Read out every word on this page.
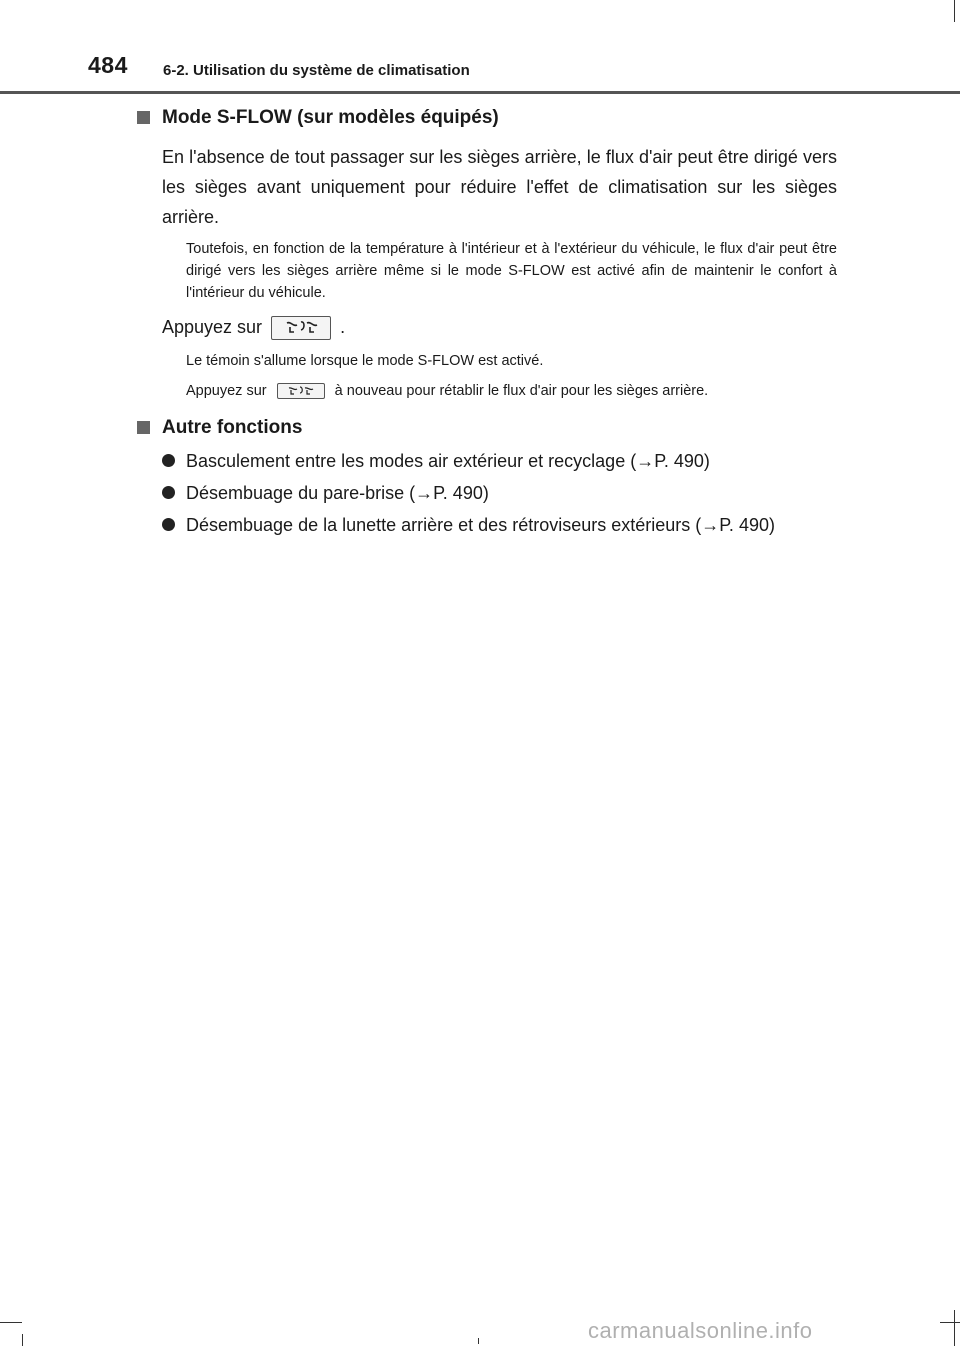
484 6-2. Utilisation du système de climatisation
Mode S-FLOW (sur modèles équipés)
En l'absence de tout passager sur les sièges arrière, le flux d'air peut être dirigé vers les sièges avant uniquement pour réduire l'effet de climatisation sur les sièges arrière.
Toutefois, en fonction de la température à l'intérieur et à l'extérieur du véhicule, le flux d'air peut être dirigé vers les sièges arrière même si le mode S-FLOW est activé afin de maintenir le confort à l'intérieur du véhicule.
Appuyez sur	.
Le témoin s'allume lorsque le mode S-FLOW est activé.
Appuyez sur	à nouveau pour rétablir le flux d'air pour les sièges arrière.
Autre fonctions
Basculement entre les modes air extérieur et recyclage (→P. 490)
Désembuage du pare-brise (→P. 490)
Désembuage de la lunette arrière et des rétroviseurs extérieurs (→P. 490)
carmanualsonline.info
